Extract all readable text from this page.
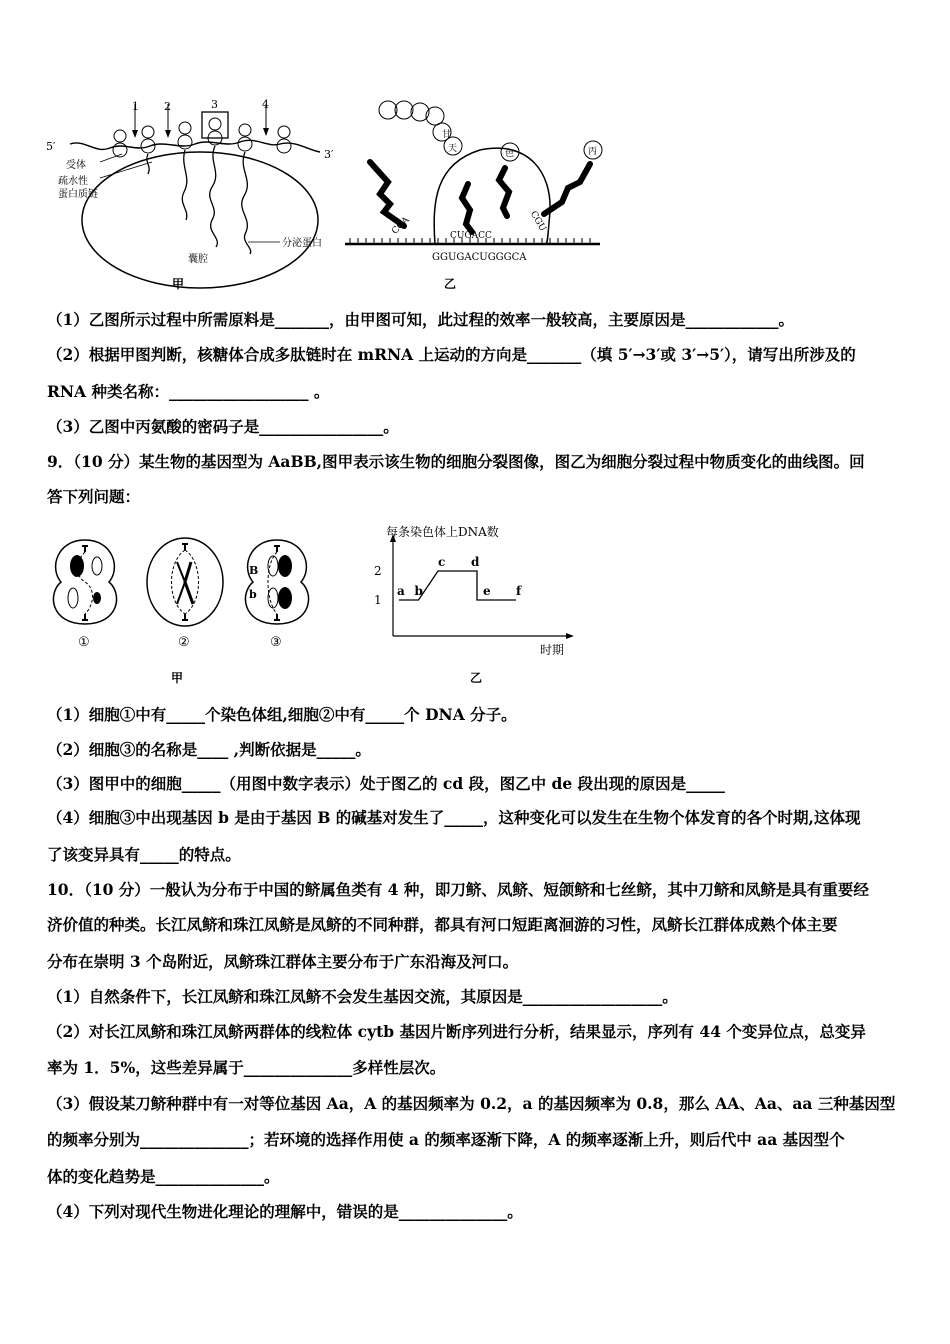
1 2	3	4
5′
3′
受体
疏水性
蛋白质链
囊腔
分泌蛋白
甲
甘
天	色	丙
CCA	CUGACC
CGU
GGUGACUGGGCA
乙
（1）乙图所示过程中所需原料是_______，由甲图可知，此过程的效率一般较高，主要原因是____________。
（2）根据甲图判断，核糖体合成多肽链时在 mRNA 上运动的方向是_______（填 5′→3′或 3′→5′），请写出所涉及的
RNA 种类名称：__________________ 。
（3）乙图中丙氨酸的密码子是________________。
9．（10 分）某生物的基因型为 AaBB,图甲表示该生物的细胞分裂图像，图乙为细胞分裂过程中物质变化的曲线图。回
答下列问题：
B
b
①	②	③
甲
每条染色体上DNA数
时期
乙
1
2
a b
c d
e f
（1）细胞①中有_____个染色体组,细胞②中有_____个 DNA 分子。
（2）细胞③的名称是____ ,判断依据是_____。
（3）图甲中的细胞_____（用图中数字表示）处于图乙的 cd 段，图乙中 de 段出现的原因是_____
（4）细胞③中出现基因 b 是由于基因 B 的碱基对发生了_____，这种变化可以发生在生物个体发育的各个时期,这体现
了该变异具有_____的特点。
10．（10 分）一般认为分布于中国的鲚属鱼类有 4 种，即刀鲚、凤鲚、短颌鲚和七丝鲚，其中刀鲚和凤鲚是具有重要经
济价值的种类。长江凤鲚和珠江凤鲚是凤鲚的不同种群，都具有河口短距离洄游的习性，凤鲚长江群体成熟个体主要
分布在崇明 3 个岛附近，凤鲚珠江群体主要分布于广东沿海及河口。
（1）自然条件下，长江凤鲚和珠江凤鲚不会发生基因交流，其原因是__________________。
（2）对长江凤鲚和珠江凤鲚两群体的线粒体 cytb 基因片断序列进行分析，结果显示，序列有 44 个变异位点，总变异
率为 1．5%，这些差异属于______________多样性层次。
（3）假设某刀鲚种群中有一对等位基因 Aa，A 的基因频率为 0.2，a 的基因频率为 0.8，那么 AA、Aa、aa 三种基因型
的频率分别为______________；若环境的选择作用使 a 的频率逐渐下降，A 的频率逐渐上升，则后代中 aa 基因型个
体的变化趋势是______________。
（4）下列对现代生物进化理论的理解中，错误的是______________。
